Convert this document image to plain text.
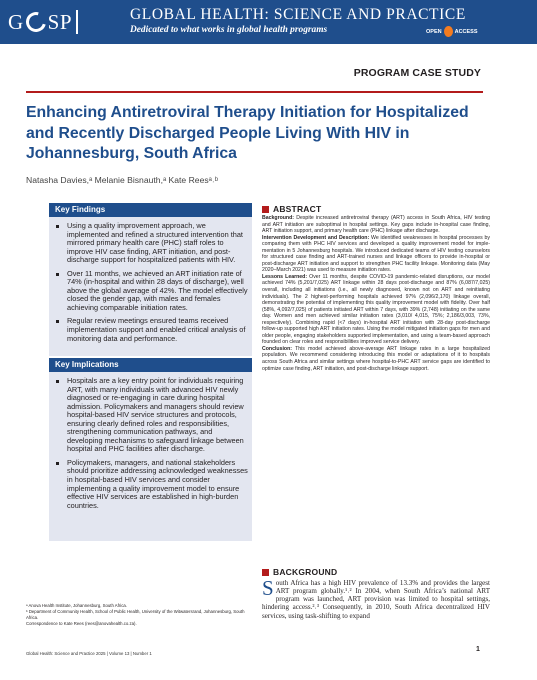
G SP	GLOBAL HEALTH: SCIENCE AND PRACTICE
Dedicated to what works in global health programs	OPEN ACCESS
PROGRAM CASE STUDY
Enhancing Antiretroviral Therapy Initiation for Hospitalized and Recently Discharged People Living With HIV in Johannesburg, South Africa
Natasha Davies,ᵃ Melanie Bisnauth,ᵃ Kate Reesᵃ˒ᵇ
Key Findings
Using a quality improvement approach, we implemented and refined a structured intervention that mirrored primary health care (PHC) staff roles to improve HIV case finding, ART initiation, and post-discharge support for hospitalized patients with HIV.
Over 11 months, we achieved an ART initiation rate of 74% (in-hospital and within 28 days of discharge), well above the global average of 42%. The model effectively closed the gender gap, with males and females achieving comparable initiation rates.
Regular review meetings ensured teams received implementation support and enabled critical analysis of monitoring data and performance.
Key Implications
Hospitals are a key entry point for individuals requiring ART, with many individuals with advanced HIV newly diagnosed or re-engaging in care during hospital admission. Policymakers and managers should review hospital-based HIV service structures and protocols, ensuring clearly defined roles and responsibilities, strengthening communication pathways, and developing mechanisms to safeguard linkage between hospital and PHC facilities after discharge.
Policymakers, managers, and national stakeholders should prioritize addressing acknowledged weaknesses in hospital-based HIV services and consider implementing a quality improvement model to ensure effective HIV services are established in high-burden countries.

ᵃ Anova Health Institute, Johannesburg, South Africa.

ᵇ Department of Community Health, School of Public Health, University of the Witwatersrand, Johannesburg, South Africa.

Correspondence to Kate Rees (rees@anovahealth.co.za).

Global Health: Science and Practice 2025 | Volume 13 | Number 1
1
ABSTRACT

Background: Despite increased antiretroviral therapy (ART) access in South Africa, HIV testing and ART initiation are suboptimal in hospital settings. Key gaps include in-hospital case finding, ART initiation support, and primary health care (PHC) linkage after discharge.

Intervention Development and Description: We identified weaknesses in hospital processes by comparing them with PHC HIV services and developed a quality improvement model for implementation in 5 Johannesburg hospitals. We introduced dedicated teams of HIV testing counselors for structured case finding and ART-trained nurses and linkage officers to provide in-hospital or post-discharge ART initiation and support to strengthen PHC facility linkage. Monitoring data (May 2020–March 2021) was used to measure initiation rates.

Lessons Learned: Over 11 months, despite COVID-19 pandemic-related disruptions, our model achieved 74% (5,201/7,025) ART linkage within 28 days post-discharge and 87% (6,087/7,025) overall, including all initiations (i.e., all newly diagnosed, known not on ART and reinitiating individuals). The 2 highest-performing hospitals achieved 97% (2,096/2,170) linkage overall, demonstrating the potential of implementing this quality improvement model with fidelity. Over half (58%, 4,092/7,025) of patients initiated ART within 7 days, with 39% (2,748) initiating on the same day. Women and men achieved similar initiation rates (3,010/ 4,015, 75%; 2,186/3,003, 73%, respectively). Combining rapid (<7 days) in-hospital ART initiation with 28-day post-discharge follow-up supported high ART initiation rates. Using the model mitigated initiation gaps for men and older people, engaging stakeholders supported implementation, and using a team-based approach founded on clear roles and responsibilities improved service delivery.

Conclusion: This model achieved above-average ART linkage rates in a large hospitalized population. We recommend considering introducing this model or adaptations of it to hospitals across South Africa and similar settings where hospital-to-PHC ART service gaps are identified to optimize case finding, ART initiation, and post-discharge linkage support.

BACKGROUND
South Africa has a high HIV prevalence of 13.3% and provides the largest ART program globally.¹˒² In 2004, when South Africa’s national ART program was launched, ART provision was limited to hospital settings, hindering access.²˒³ Consequently, in 2010, South Africa decentralized HIV services, using task-shifting to expand
